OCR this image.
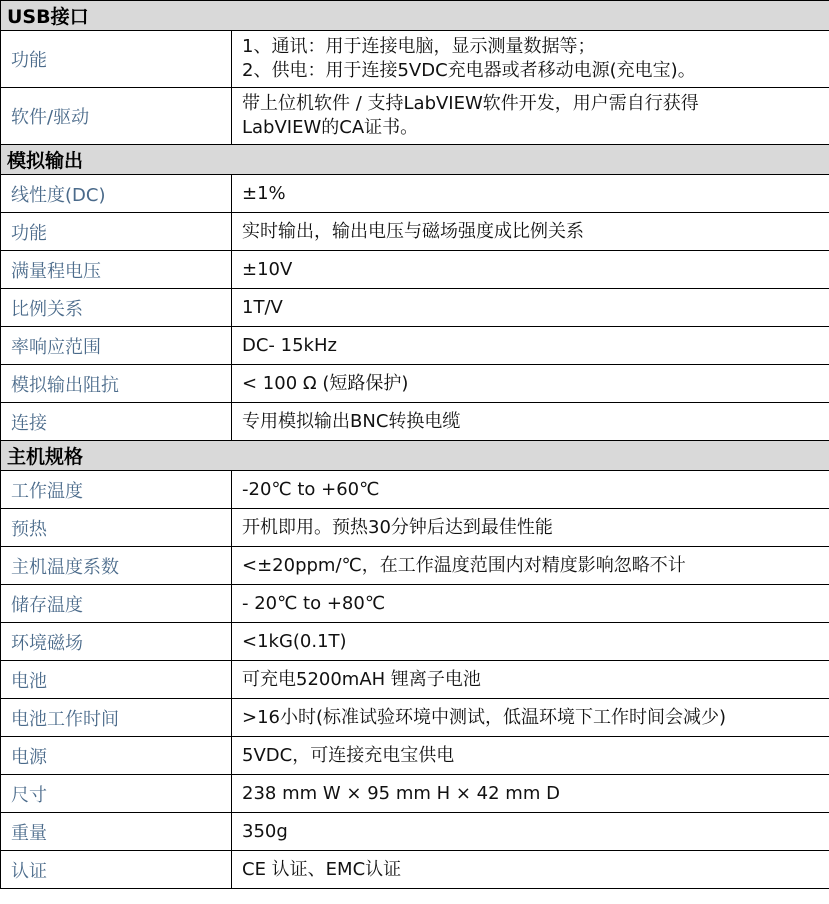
USB接口	
功能	1、通讯：用于连接电脑，显示测量数据等；
2、供电：用于连接5VDC充电器或者移动电源(充电宝)。

软件/驱动	带上位机软件 / 支持LabVIEW软件开发，用户需自行获得
LabVIEW的CA证书。

模拟输出	
线性度(DC)	±1%
功能	实时输出，输出电压与磁场强度成比例关系
满量程电压	±10V
比例关系	1T/V
率响应范围	DC- 15kHz
模拟输出阻抗	< 100 Ω (短路保护)
连接	专用模拟输出BNC转换电缆
主机规格	
工作温度	-20℃ to +60℃
预热	开机即用。预热30分钟后达到最佳性能
主机温度系数	<±20ppm/℃，在工作温度范围内对精度影响忽略不计
储存温度	- 20℃ to +80℃
环境磁场	<1kG(0.1T)
电池	可充电5200mAH 锂离子电池
电池工作时间	>16小时(标准试验环境中测试，低温环境下工作时间会减少)
电源	5VDC，可连接充电宝供电
尺寸	238 mm W × 95 mm H × 42 mm D
重量	350g
认证	CE 认证、EMC认证
